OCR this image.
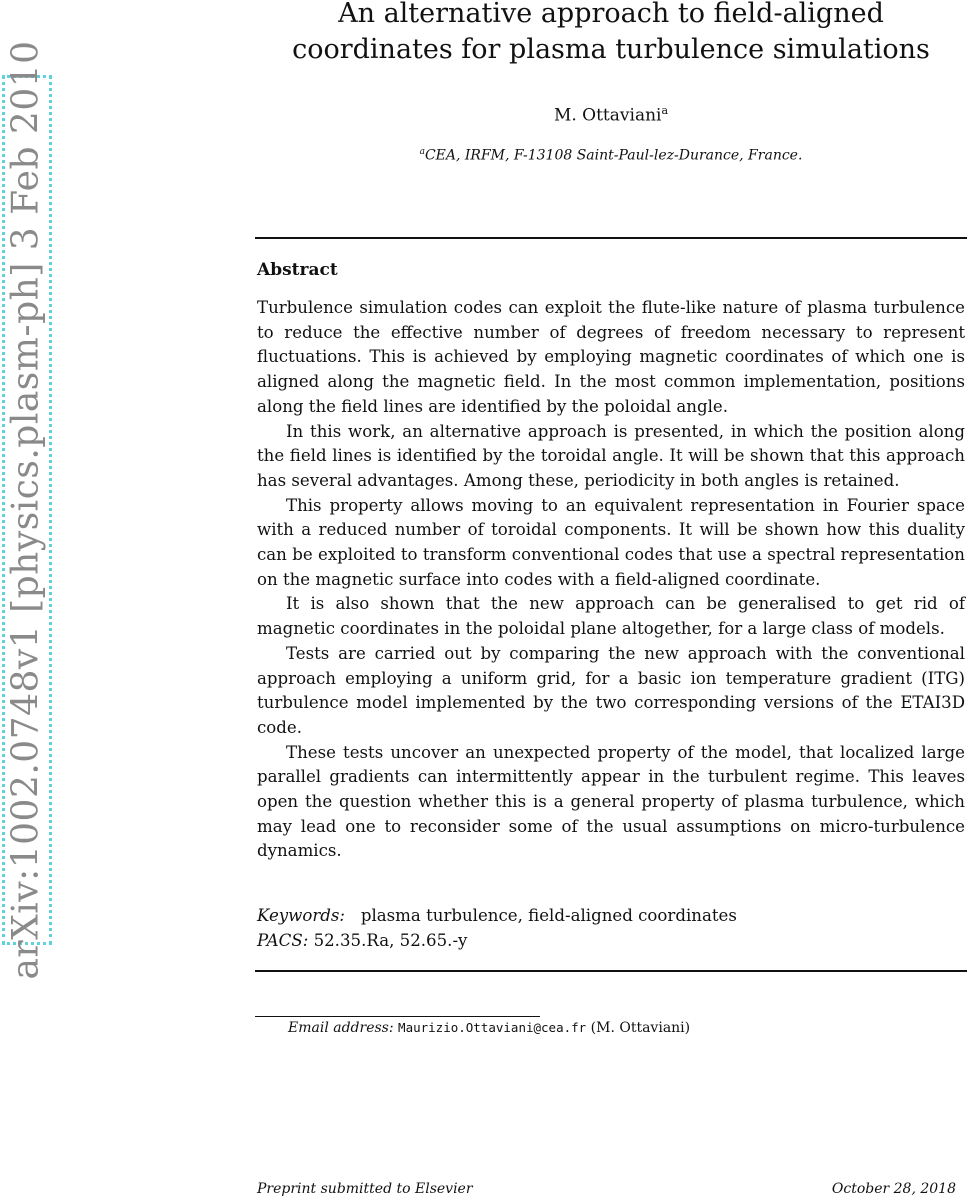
arXiv:1002.0748v1 [physics.plasm-ph] 3 Feb 2010
An alternative approach to field-aligned coordinates for plasma turbulence simulations
M. Ottaviani$^a$
$^a$CEA, IRFM, F-13108 Saint-Paul-lez-Durance, France.
Abstract

Turbulence simulation codes can exploit the flute-like nature of plasma turbulence to reduce the effective number of degrees of freedom necessary to represent fluctuations. This is achieved by employing magnetic coordinates of which one is aligned along the magnetic field. In the most common implementation, positions along the field lines are identified by the poloidal angle.

In this work, an alternative approach is presented, in which the position along the field lines is identified by the toroidal angle. It will be shown that this approach has several advantages. Among these, periodicity in both angles is retained.

This property allows moving to an equivalent representation in Fourier space with a reduced number of toroidal components. It will be shown how this duality can be exploited to transform conventional codes that use a spectral representation on the magnetic surface into codes with a field-aligned coordinate.

It is also shown that the new approach can be generalised to get rid of magnetic coordinates in the poloidal plane altogether, for a large class of models.

Tests are carried out by comparing the new approach with the conventional approach employing a uniform grid, for a basic ion temperature gradient (ITG) turbulence model implemented by the two corresponding versions of the ETAI3D code.

These tests uncover an unexpected property of the model, that localized large parallel gradients can intermittently appear in the turbulent regime. This leaves open the question whether this is a general property of plasma turbulence, which may lead one to reconsider some of the usual assumptions on micro-turbulence dynamics.

Keywords: plasma turbulence, field-aligned coordinates
PACS: 52.35.Ra, 52.65.-y
Email address: Maurizio.Ottaviani@cea.fr (M. Ottaviani)
Preprint submitted to Elsevier	October 28, 2018
